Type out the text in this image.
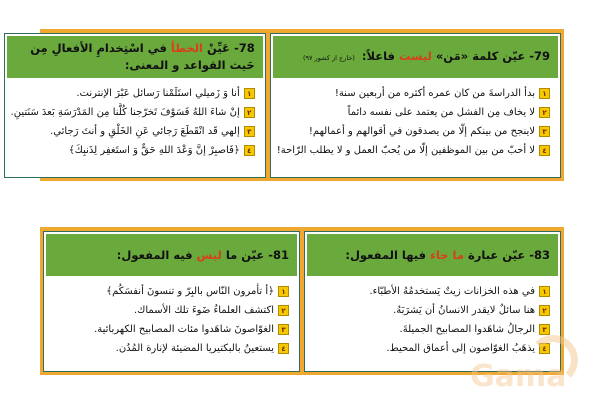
79- عيّن كلمة «مَن» ليست فاعلاً: (خارج از کشور ۹۷)
١
بدأ الدراسةَ من كان عمره أكثره من أربعين سنة!
٢
لا يخاف مِن الفشل من يعتمد على نفسه دائماً
٣
لاينجح من بينكم إلّا من يصدقون في أقوالهم و أعمالهم!
٤
لا أحبّ من بين الموظفين إلّا من يُحبّ العمل و لا يطلب الرّاحة!
78- عَيِّنْ الخطأ في اسْتِخدامِ الأفعالِ مِن حَيث القواعد و المعنى:
١
أنا وَ زَميلي استَلَمْنا رَسائل عَبْرَ الإنترنت.
٢
إنْ شاءَ اللهُ فَسَوْفَ تَخرّجنا كُلُّنا مِن المَدْرَسَةِ بَعدَ سَنَتينِ.
٣
إلهي قَد انْقَطَعَ رَجائي عَنِ الخَلْقِ و أنتَ رَجائي.
٤
﴿فَاصبِرْ إنَّ وَعْدَ اللهِ حَقٌّ وَ استَغفِر لِذَنبِكَ﴾
83- عيّن عبارة ما جاء فيها المفعول:
١
في هذه الخزانات زيتٌ يَستخدمُهُ الأطبّاء.
٢
هنا سائلٌ لايقدر الانسانُ أن يَشرَبَهُ.
٣
الرجالُ شاهَدوا المصابيح الجميلةَ.
٤
يذهَبُ الغوّاصون إلى أعماق المحيط.
81- عيّن ما ليس فيه المفعول:
١
﴿أ تأمرون النّاس بالبِرّ و تنسونَ أنفسَكُم﴾
٢
اكتشف العلماءُ ضَوءَ تلك الأسماك.
٣
الغوّاصونَ شاهَدوا مئات المصابيح الكهربائية.
٤
يستعينُ بالبكتيريا المضيئة لإنارة المُدُن.
Gama
